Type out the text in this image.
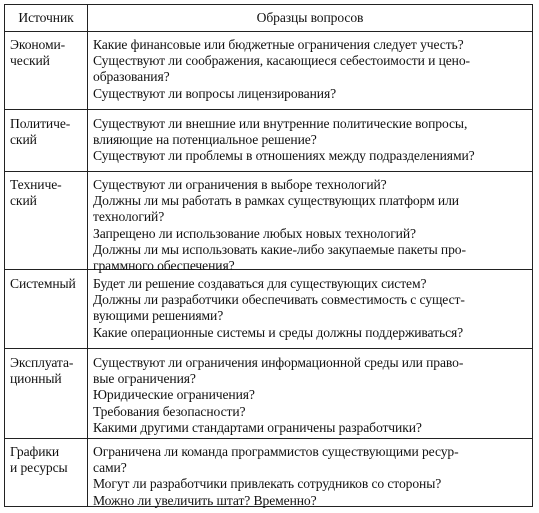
Источник	Образцы вопросов
Экономи-
ческий
Какие финансовые или бюджетные ограничения следует учесть?
Существуют ли соображения, касающиеся себестоимости и цено-
образования?
Существуют ли вопросы лицензирования?
Политиче-
ский
Существуют ли внешние или внутренние политические вопросы,
влияющие на потенциальное решение?
Существуют ли проблемы в отношениях между подразделениями?
Техниче-
ский
Существуют ли ограничения в выборе технологий?
Должны ли мы работать в рамках существующих платформ или
технологий?
Запрещено ли использование любых новых технологий?
Должны ли мы использовать какие-либо закупаемые пакеты про-
граммного обеспечения?
Системный Будет ли решение создаваться для существующих систем?
Должны ли разработчики обеспечивать совместимость с сущест-
вующими решениями?
Какие операционные системы и среды должны поддерживаться?
Эксплуата-
ционный
Существуют ли ограничения информационной среды или право-
вые ограничения?
Юридические ограничения?
Требования безопасности?
Какими другими стандартами ограничены разработчики?
Графики
и ресурсы
Ограничена ли команда программистов существующими ресур-
сами?
Могут ли разработчики привлекать сотрудников со стороны?
Можно ли увеличить штат? Временно?
